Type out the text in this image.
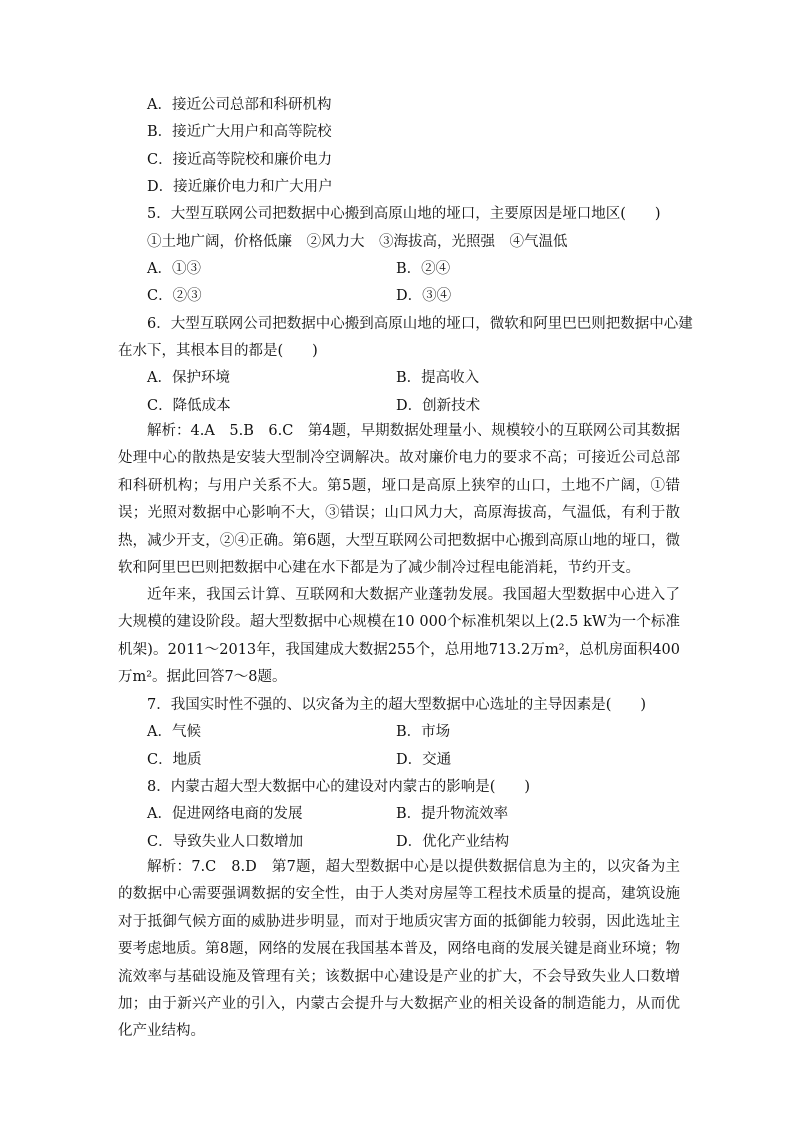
A．接近公司总部和科研机构
B．接近广大用户和高等院校
C．接近高等院校和廉价电力
D．接近廉价电力和广大用户
5．大型互联网公司把数据中心搬到高原山地的垭口，主要原因是垭口地区(　　)
①土地广阔，价格低廉　②风力大　③海拔高，光照强　④气温低
A．①③	B．②④
C．②③	D．③④
6．大型互联网公司把数据中心搬到高原山地的垭口，微软和阿里巴巴则把数据中心建
在水下，其根本目的都是(　　)
A．保护环境	B．提高收入
C．降低成本	D．创新技术
解析：4.A　5.B　6.C　第4题，早期数据处理量小、规模较小的互联网公司其数据处理中心的散热是安装大型制冷空调解决。故对廉价电力的要求不高；可接近公司总部和科研机构；与用户关系不大。第5题，垭口是高原上狭窄的山口，土地不广阔，①错误；光照对数据中心影响不大，③错误；山口风力大，高原海拔高，气温低，有利于散热，减少开支，②④正确。第6题，大型互联网公司把数据中心搬到高原山地的垭口，微软和阿里巴巴则把数据中心建在水下都是为了减少制冷过程电能消耗，节约开支。
近年来，我国云计算、互联网和大数据产业蓬勃发展。我国超大型数据中心进入了大规模的建设阶段。超大型数据中心规模在10 000个标准机架以上(2.5 kW为一个标准机架)。2011～2013年，我国建成大数据255个，总用地713.2万m²，总机房面积400万m²。据此回答7～8题。
7．我国实时性不强的、以灾备为主的超大型数据中心选址的主导因素是(　　)
A．气候	B．市场
C．地质	D．交通
8．内蒙古超大型大数据中心的建设对内蒙古的影响是(　　)
A．促进网络电商的发展	B．提升物流效率
C．导致失业人口数增加	D．优化产业结构
解析：7.C　8.D　第7题，超大型数据中心是以提供数据信息为主的，以灾备为主的数据中心需要强调数据的安全性，由于人类对房屋等工程技术质量的提高，建筑设施对于抵御气候方面的威胁进步明显，而对于地质灾害方面的抵御能力较弱，因此选址主要考虑地质。第8题，网络的发展在我国基本普及，网络电商的发展关键是商业环境；物流效率与基础设施及管理有关；该数据中心建设是产业的扩大，不会导致失业人口数增加；由于新兴产业的引入，内蒙古会提升与大数据产业的相关设备的制造能力，从而优化产业结构。
